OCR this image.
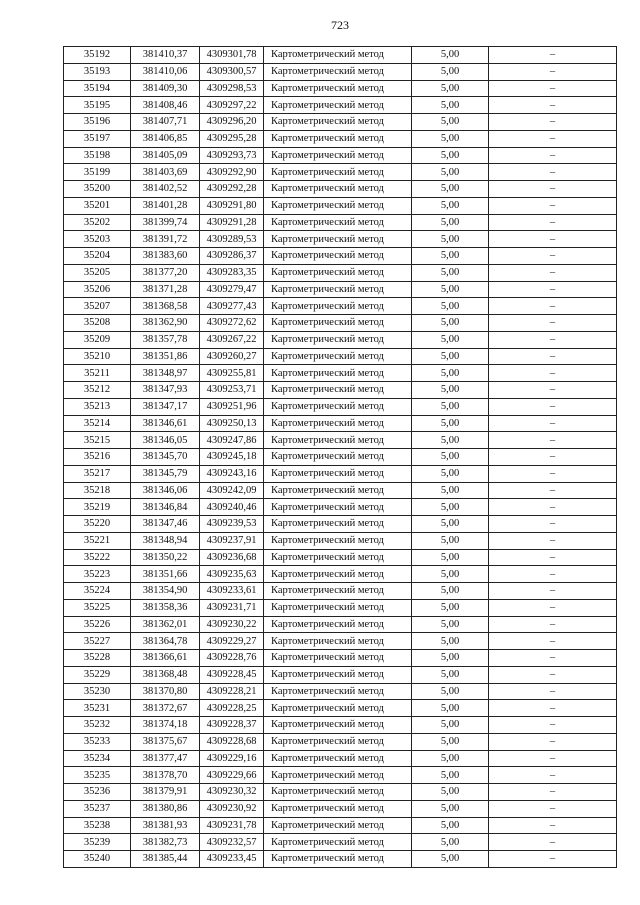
723
35192	381410,37	4309301,78	Картометрический метод	5,00	–
35193	381410,06	4309300,57	Картометрический метод	5,00	–
35194	381409,30	4309298,53	Картометрический метод	5,00	–
35195	381408,46	4309297,22	Картометрический метод	5,00	–
35196	381407,71	4309296,20	Картометрический метод	5,00	–
35197	381406,85	4309295,28	Картометрический метод	5,00	–
35198	381405,09	4309293,73	Картометрический метод	5,00	–
35199	381403,69	4309292,90	Картометрический метод	5,00	–
35200	381402,52	4309292,28	Картометрический метод	5,00	–
35201	381401,28	4309291,80	Картометрический метод	5,00	–
35202	381399,74	4309291,28	Картометрический метод	5,00	–
35203	381391,72	4309289,53	Картометрический метод	5,00	–
35204	381383,60	4309286,37	Картометрический метод	5,00	–
35205	381377,20	4309283,35	Картометрический метод	5,00	–
35206	381371,28	4309279,47	Картометрический метод	5,00	–
35207	381368,58	4309277,43	Картометрический метод	5,00	–
35208	381362,90	4309272,62	Картометрический метод	5,00	–
35209	381357,78	4309267,22	Картометрический метод	5,00	–
35210	381351,86	4309260,27	Картометрический метод	5,00	–
35211	381348,97	4309255,81	Картометрический метод	5,00	–
35212	381347,93	4309253,71	Картометрический метод	5,00	–
35213	381347,17	4309251,96	Картометрический метод	5,00	–
35214	381346,61	4309250,13	Картометрический метод	5,00	–
35215	381346,05	4309247,86	Картометрический метод	5,00	–
35216	381345,70	4309245,18	Картометрический метод	5,00	–
35217	381345,79	4309243,16	Картометрический метод	5,00	–
35218	381346,06	4309242,09	Картометрический метод	5,00	–
35219	381346,84	4309240,46	Картометрический метод	5,00	–
35220	381347,46	4309239,53	Картометрический метод	5,00	–
35221	381348,94	4309237,91	Картометрический метод	5,00	–
35222	381350,22	4309236,68	Картометрический метод	5,00	–
35223	381351,66	4309235,63	Картометрический метод	5,00	–
35224	381354,90	4309233,61	Картометрический метод	5,00	–
35225	381358,36	4309231,71	Картометрический метод	5,00	–
35226	381362,01	4309230,22	Картометрический метод	5,00	–
35227	381364,78	4309229,27	Картометрический метод	5,00	–
35228	381366,61	4309228,76	Картометрический метод	5,00	–
35229	381368,48	4309228,45	Картометрический метод	5,00	–
35230	381370,80	4309228,21	Картометрический метод	5,00	–
35231	381372,67	4309228,25	Картометрический метод	5,00	–
35232	381374,18	4309228,37	Картометрический метод	5,00	–
35233	381375,67	4309228,68	Картометрический метод	5,00	–
35234	381377,47	4309229,16	Картометрический метод	5,00	–
35235	381378,70	4309229,66	Картометрический метод	5,00	–
35236	381379,91	4309230,32	Картометрический метод	5,00	–
35237	381380,86	4309230,92	Картометрический метод	5,00	–
35238	381381,93	4309231,78	Картометрический метод	5,00	–
35239	381382,73	4309232,57	Картометрический метод	5,00	–
35240	381385,44	4309233,45	Картометрический метод	5,00	–
